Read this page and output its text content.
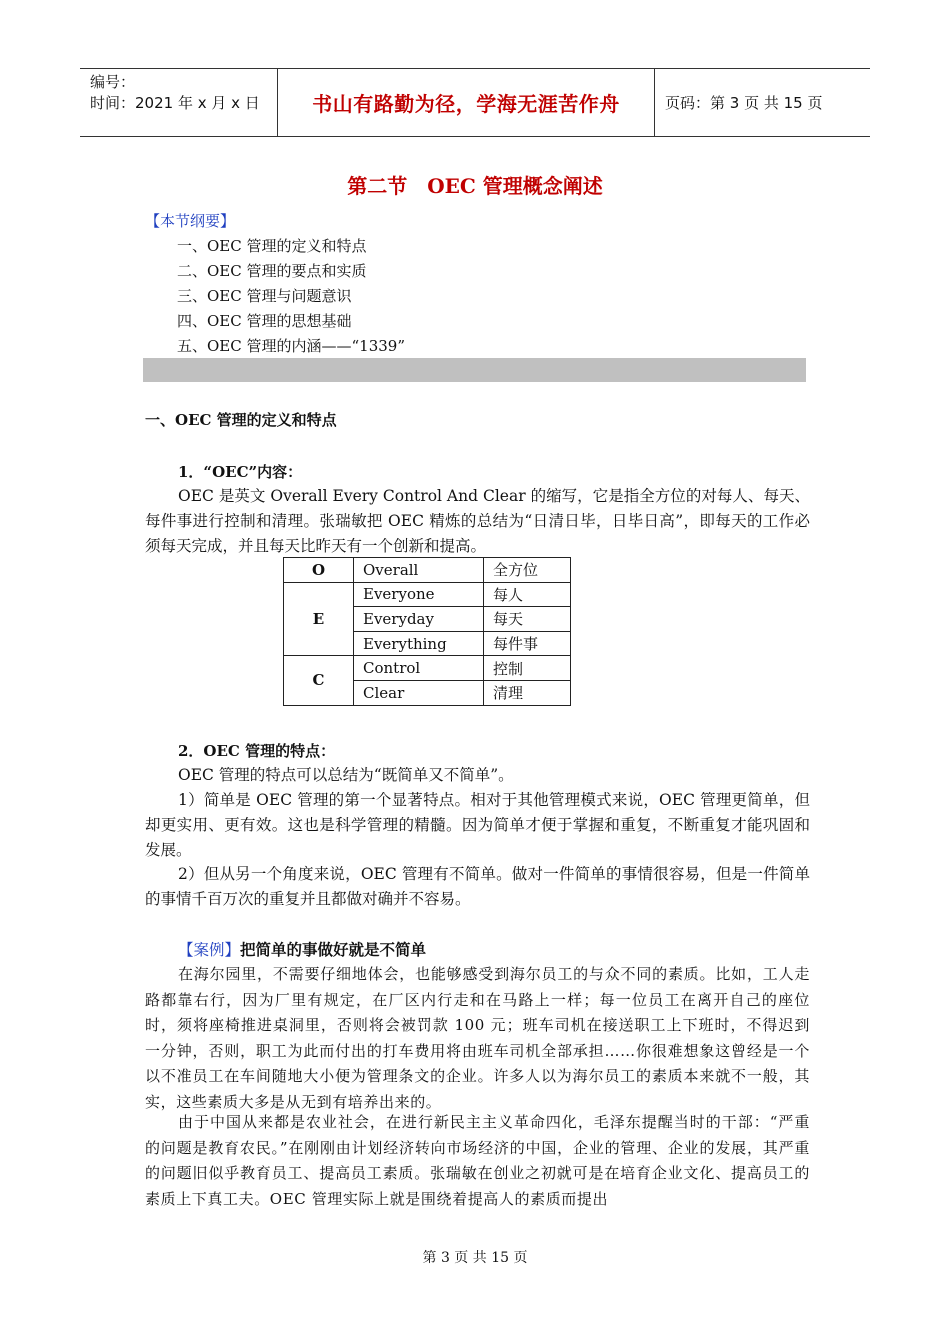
编号：
时间：2021 年 x 月 x 日	书山有路勤为径，学海无涯苦作舟	页码：第 3 页 共 15 页
第二节　OEC 管理概念阐述
【本节纲要】
一、OEC 管理的定义和特点
二、OEC 管理的要点和实质
三、OEC 管理与问题意识
四、OEC 管理的思想基础
五、OEC 管理的内涵——“1339”
一、OEC 管理的定义和特点
1．“OEC”内容：

OEC 是英文 Overall Every Control And Clear 的缩写，它是指全方位的对每人、每天、每件事进行控制和清理。张瑞敏把 OEC 精炼的总结为“日清日毕，日毕日高”，即每天的工作必须每天完成，并且每天比昨天有一个创新和提高。

O	Overall	全方位
E	Everyone	每人
	Everyday	每天
	Everything	每件事
C	Control	控制
	Clear	清理
2．OEC 管理的特点：

OEC 管理的特点可以总结为“既简单又不简单”。

1）简单是 OEC 管理的第一个显著特点。相对于其他管理模式来说，OEC 管理更简单，但却更实用、更有效。这也是科学管理的精髓。因为简单才便于掌握和重复，不断重复才能巩固和发展。

2）但从另一个角度来说，OEC 管理有不简单。做对一件简单的事情很容易，但是一件简单的事情千百万次的重复并且都做对确并不容易。

【案例】把简单的事做好就是不简单

在海尔园里，不需要仔细地体会，也能够感受到海尔员工的与众不同的素质。比如，工人走路都靠右行，因为厂里有规定，在厂区内行走和在马路上一样；每一位员工在离开自己的座位时，须将座椅推进桌洞里，否则将会被罚款 100 元；班车司机在接送职工上下班时，不得迟到一分钟，否则，职工为此而付出的打车费用将由班车司机全部承担……你很难想象这曾经是一个以不准员工在车间随地大小便为管理条文的企业。许多人以为海尔员工的素质本来就不一般，其实，这些素质大多是从无到有培养出来的。

由于中国从来都是农业社会，在进行新民主主义革命四化，毛泽东提醒当时的干部：“严重的问题是教育农民。”在刚刚由计划经济转向市场经济的中国，企业的管理、企业的发展，其严重的问题旧似乎教育员工、提高员工素质。张瑞敏在创业之初就可是在培育企业文化、提高员工的素质上下真工夫。OEC 管理实际上就是围绕着提高人的素质而提出

第 3 页 共 15 页
